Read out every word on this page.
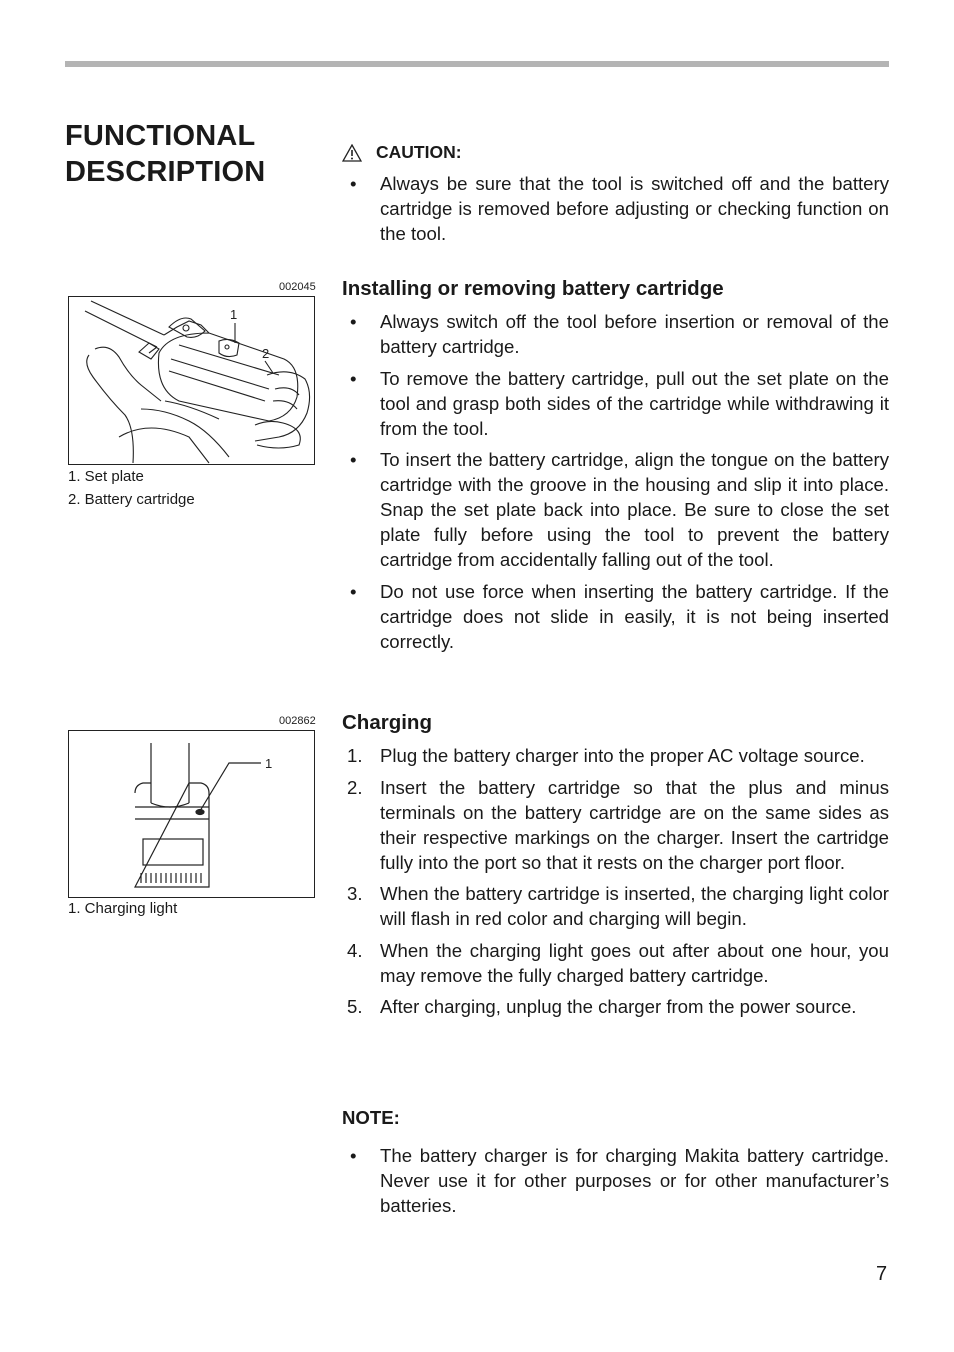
FUNCTIONAL
DESCRIPTION
002045
1
2
1. Set plate
2. Battery cartridge
002862
1
1. Charging light
CAUTION:
• Always be sure that the tool is switched off and the battery cartridge is removed before adjusting or checking function on the tool.
Installing or removing battery cartridge
• Always switch off the tool before insertion or removal of the battery cartridge.
• To remove the battery cartridge, pull out the set plate on the tool and grasp both sides of the cartridge while withdrawing it from the tool.
• To insert the battery cartridge, align the tongue on the battery cartridge with the groove in the housing and slip it into place. Snap the set plate back into place. Be sure to close the set plate fully before using the tool to prevent the battery cartridge from accidentally falling out of the tool.
• Do not use force when inserting the battery cartridge. If the cartridge does not slide in easily, it is not being inserted correctly.
Charging
1. Plug the battery charger into the proper AC voltage source.
2. Insert the battery cartridge so that the plus and minus terminals on the battery cartridge are on the same sides as their respective markings on the charger. Insert the cartridge fully into the port so that it rests on the charger port floor.
3. When the battery cartridge is inserted, the charging light color will flash in red color and charging will begin.
4. When the charging light goes out after about one hour, you may remove the fully charged battery cartridge.
5. After charging, unplug the charger from the power source.
NOTE:
• The battery charger is for charging Makita battery cartridge. Never use it for other purposes or for other manufacturer’s batteries.
7
